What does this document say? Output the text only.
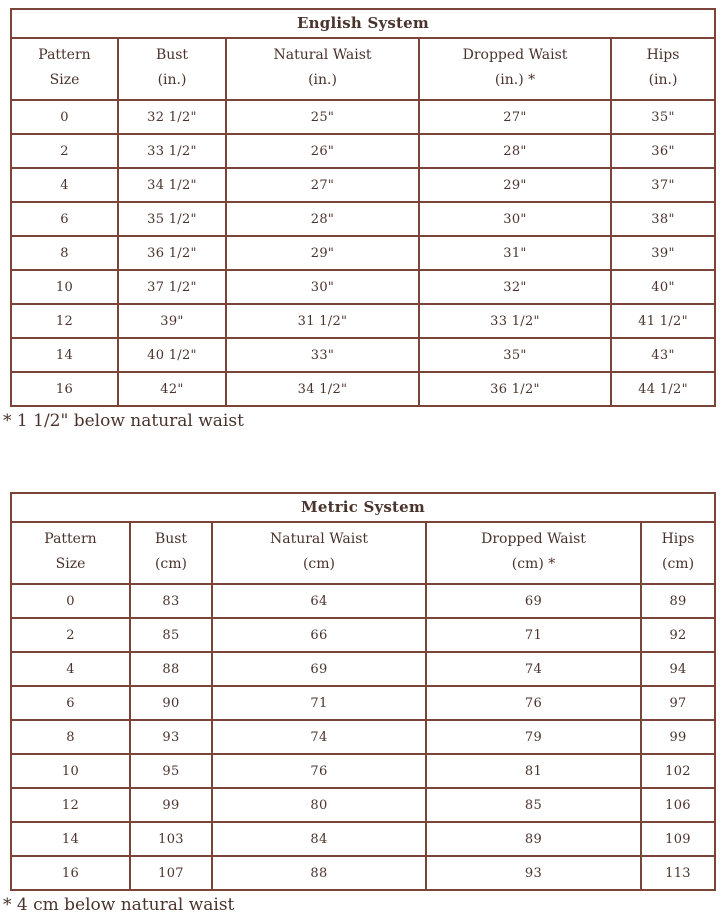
English System				

Pattern
Size

Bust
(in.)

Natural Waist
(in.)

Dropped Waist
(in.) *

Hips
(in.)

0	32 1/2"	25"	27"	35"
2	33 1/2"	26"	28"	36"
4	34 1/2"	27"	29"	37"
6	35 1/2"	28"	30"	38"
8	36 1/2"	29"	31"	39"
10	37 1/2"	30"	32"	40"
12	39"	31 1/2"	33 1/2"	41 1/2"
14	40 1/2"	33"	35"	43"
16	42"	34 1/2"	36 1/2"	44 1/2"

* 1 1/2" below natural waist

Metric System				

Pattern
Size

Bust
(cm)

Natural Waist
(cm)

Dropped Waist
(cm) *

Hips
(cm)

0	83	64	69	89
2	85	66	71	92
4	88	69	74	94
6	90	71	76	97
8	93	74	79	99
10	95	76	81	102
12	99	80	85	106
14	103	84	89	109
16	107	88	93	113

* 4 cm below natural waist
